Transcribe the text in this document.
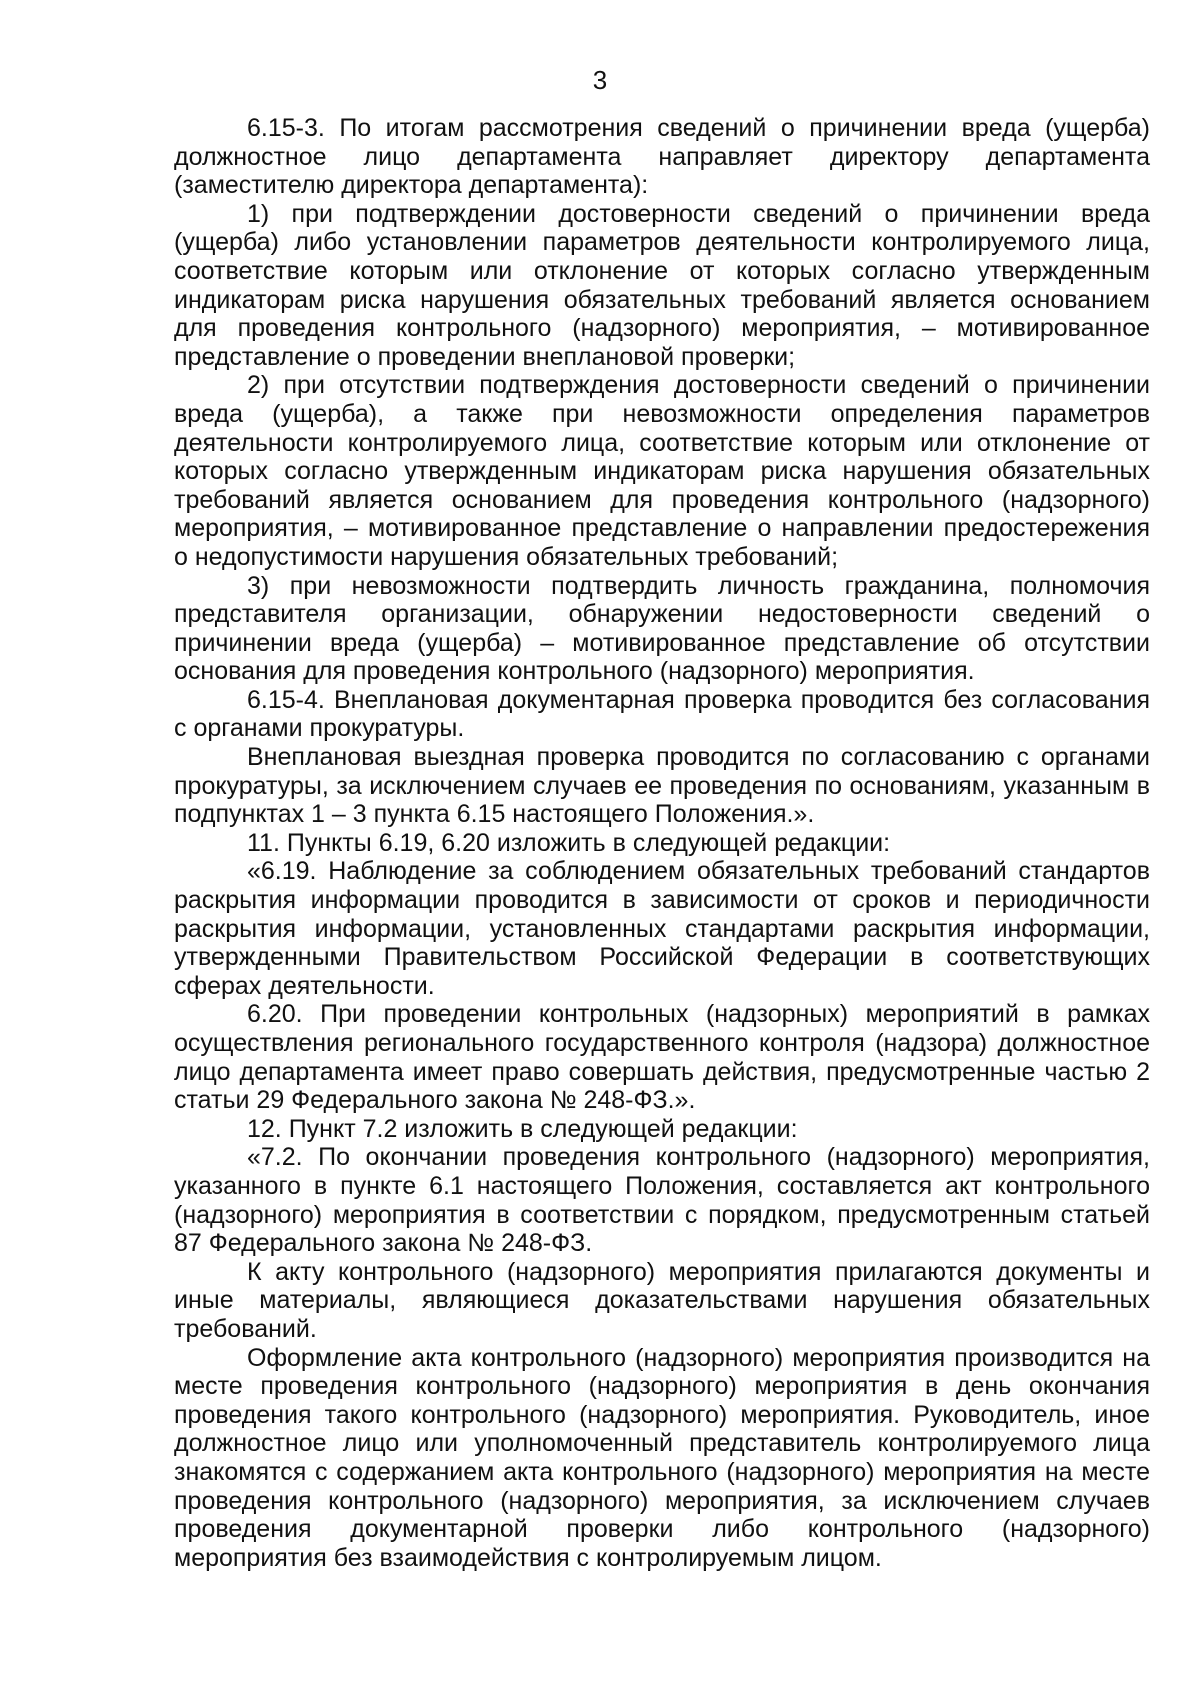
3

6.15-3. По итогам рассмотрения сведений о причинении вреда (ущерба) должностное лицо департамента направляет директору департамента (заместителю директора департамента):

1) при подтверждении достоверности сведений о причинении вреда (ущерба) либо установлении параметров деятельности контролируемого лица, соответствие которым или отклонение от которых согласно утвержденным индикаторам риска нарушения обязательных требований является основанием для проведения контрольного (надзорного) мероприятия, – мотивированное представление о проведении внеплановой проверки;

2) при отсутствии подтверждения достоверности сведений о причинении вреда (ущерба), а также при невозможности определения параметров деятельности контролируемого лица, соответствие которым или отклонение от которых согласно утвержденным индикаторам риска нарушения обязательных требований является основанием для проведения контрольного (надзорного) мероприятия, – мотивированное представление о направлении предостережения о недопустимости нарушения обязательных требований;

3) при невозможности подтвердить личность гражданина, полномочия представителя организации, обнаружении недостоверности сведений о причинении вреда (ущерба) – мотивированное представление об отсутствии основания для проведения контрольного (надзорного) мероприятия.

6.15-4. Внеплановая документарная проверка проводится без согласования с органами прокуратуры.

Внеплановая выездная проверка проводится по согласованию с органами прокуратуры, за исключением случаев ее проведения по основаниям, указанным в подпунктах 1 – 3 пункта 6.15 настоящего Положения.».

11. Пункты 6.19, 6.20 изложить в следующей редакции:

«6.19. Наблюдение за соблюдением обязательных требований стандартов раскрытия информации проводится в зависимости от сроков и периодичности раскрытия информации, установленных стандартами раскрытия информации, утвержденными Правительством Российской Федерации в соответствующих сферах деятельности.

6.20. При проведении контрольных (надзорных) мероприятий в рамках осуществления регионального государственного контроля (надзора) должностное лицо департамента имеет право совершать действия, предусмотренные частью 2 статьи 29 Федерального закона № 248-ФЗ.».

12. Пункт 7.2 изложить в следующей редакции:

«7.2. По окончании проведения контрольного (надзорного) мероприятия, указанного в пункте 6.1 настоящего Положения, составляется акт контрольного (надзорного) мероприятия в соответствии с порядком, предусмотренным статьей 87 Федерального закона № 248-ФЗ.

К акту контрольного (надзорного) мероприятия прилагаются документы и иные материалы, являющиеся доказательствами нарушения обязательных требований.

Оформление акта контрольного (надзорного) мероприятия производится на месте проведения контрольного (надзорного) мероприятия в день окончания проведения такого контрольного (надзорного) мероприятия. Руководитель, иное должностное лицо или уполномоченный представитель контролируемого лица знакомятся с содержанием акта контрольного (надзорного) мероприятия на месте проведения контрольного (надзорного) мероприятия, за исключением случаев проведения документарной проверки либо контрольного (надзорного) мероприятия без взаимодействия с контролируемым лицом.
